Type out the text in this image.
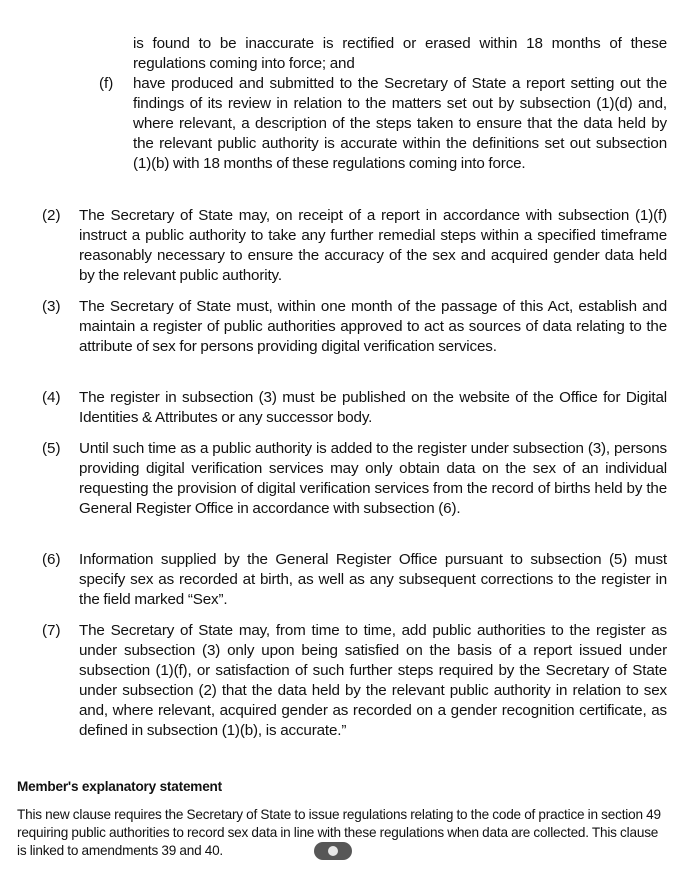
is found to be inaccurate is rectified or erased within 18 months of these regulations coming into force; and
(f) have produced and submitted to the Secretary of State a report setting out the findings of its review in relation to the matters set out by subsection (1)(d) and, where relevant, a description of the steps taken to ensure that the data held by the relevant public authority is accurate within the definitions set out subsection (1)(b) with 18 months of these regulations coming into force.
(2) The Secretary of State may, on receipt of a report in accordance with subsection (1)(f) instruct a public authority to take any further remedial steps within a specified timeframe reasonably necessary to ensure the accuracy of the sex and acquired gender data held by the relevant public authority.
(3) The Secretary of State must, within one month of the passage of this Act, establish and maintain a register of public authorities approved to act as sources of data relating to the attribute of sex for persons providing digital verification services.
(4) The register in subsection (3) must be published on the website of the Office for Digital Identities & Attributes or any successor body.
(5) Until such time as a public authority is added to the register under subsection (3), persons providing digital verification services may only obtain data on the sex of an individual requesting the provision of digital verification services from the record of births held by the General Register Office in accordance with subsection (6).
(6) Information supplied by the General Register Office pursuant to subsection (5) must specify sex as recorded at birth, as well as any subsequent corrections to the register in the field marked “Sex”.
(7) The Secretary of State may, from time to time, add public authorities to the register as under subsection (3) only upon being satisfied on the basis of a report issued under subsection (1)(f), or satisfaction of such further steps required by the Secretary of State under subsection (2) that the data held by the relevant public authority in relation to sex and, where relevant, acquired gender as recorded on a gender recognition certificate, as defined in subsection (1)(b), is accurate.”
Member's explanatory statement
This new clause requires the Secretary of State to issue regulations relating to the code of practice in section 49 requiring public authorities to record sex data in line with these regulations when data are collected. This clause is linked to amendments 39 and 40.
